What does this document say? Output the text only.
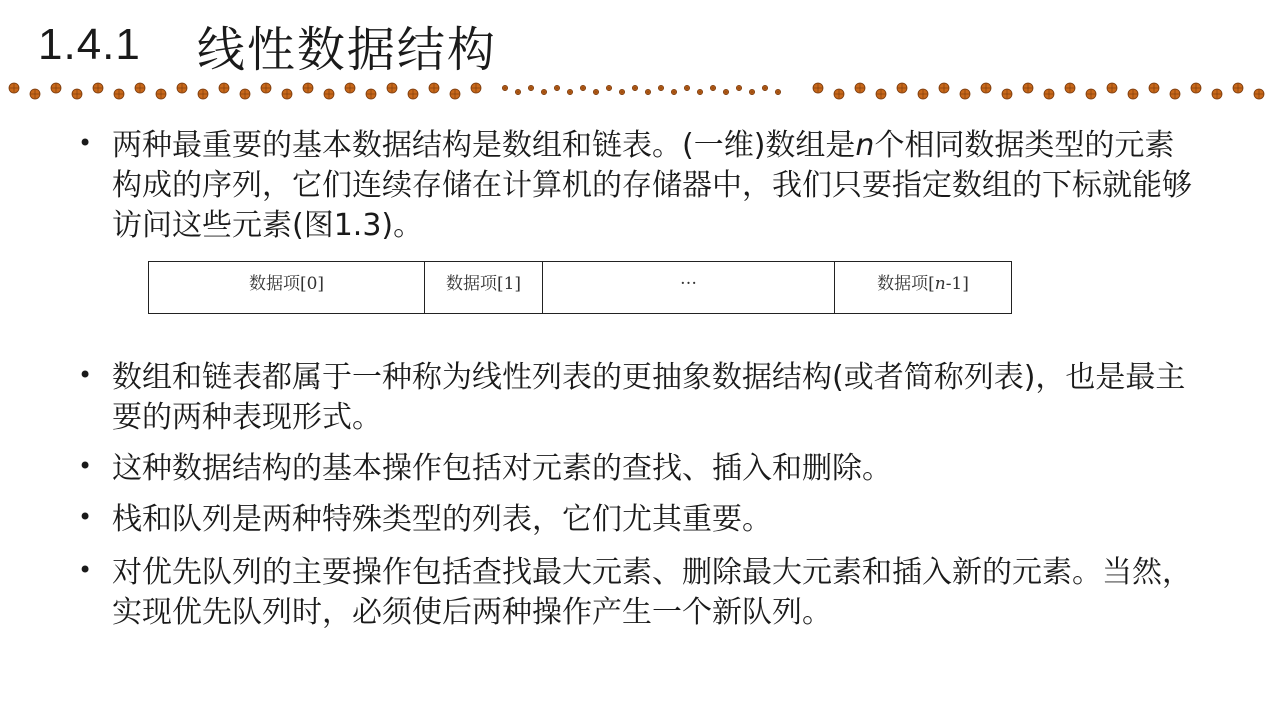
1.4.1 线性数据结构
• 两种最重要的基本数据结构是数组和链表。(一维)数组是n个相同数据类型的元素构成的序列，它们连续存储在计算机的存储器中，我们只要指定数组的下标就能够访问这些元素(图1.3)。
数据项[0]	数据项[1]	…	数据项[n-1]
• 数组和链表都属于一种称为线性列表的更抽象数据结构(或者简称列表)，也是最主要的两种表现形式。
• 这种数据结构的基本操作包括对元素的查找、插入和删除。
• 栈和队列是两种特殊类型的列表，它们尤其重要。
• 对优先队列的主要操作包括查找最大元素、删除最大元素和插入新的元素。当然，实现优先队列时，必须使后两种操作产生一个新队列。
